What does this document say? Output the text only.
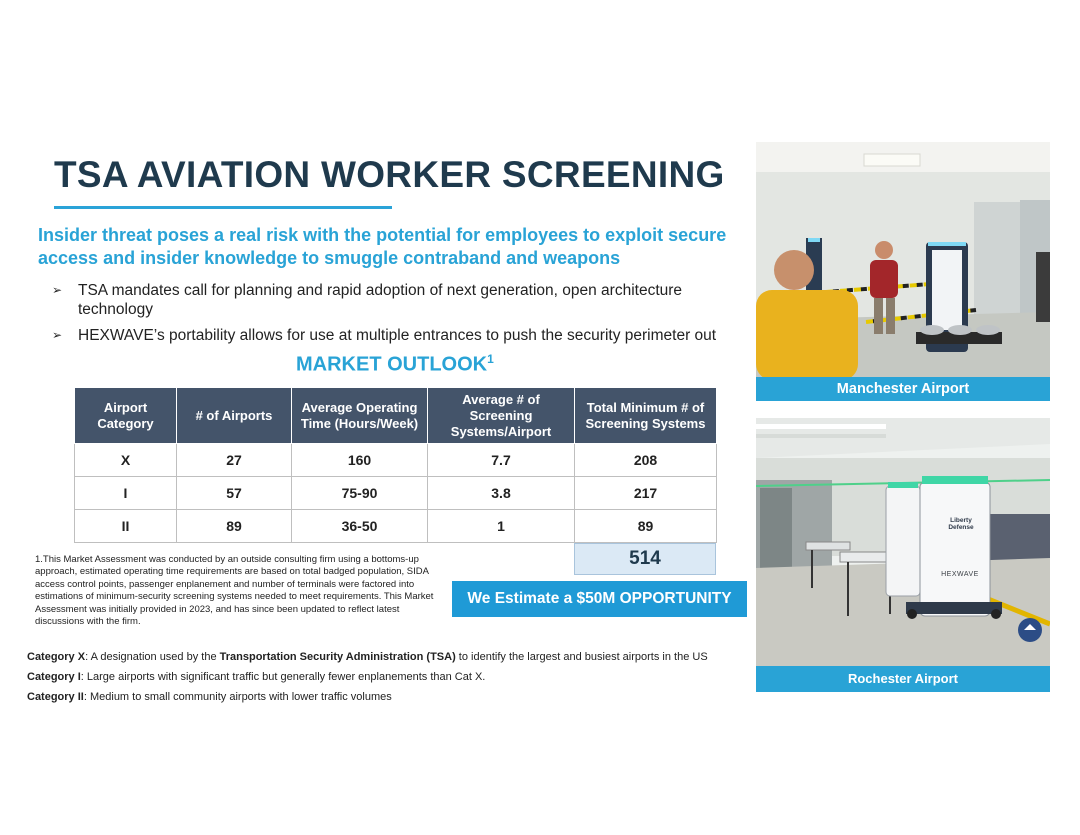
TSA AVIATION WORKER SCREENING
Insider threat poses a real risk with the potential for employees to exploit secure access and insider knowledge to smuggle contraband and weapons
➢ TSA mandates call for planning and rapid adoption of next generation, open architecture technology
➢ HEXWAVE’s portability allows for use at multiple entrances to push the security perimeter out
MARKET OUTLOOK$^1$
Airport Category	# of Airports	Average Operating Time (Hours/Week)	Average # of Screening Systems/Airport	Total Minimum # of Screening Systems
X	27	160	7.7	208
I	57	75-90	3.8	217
II	89	36-50	1	89
514
1.This Market Assessment was conducted by an outside consulting firm using a bottoms-up approach, estimated operating time requirements are based on total badged population, SIDA access control points, passenger enplanement and number of terminals were factored into estimations of minimum-security screening systems needed to meet requirements. This Market Assessment was initially provided in 2023, and has since been updated to reflect latest discussions with the firm.
We Estimate a $50M OPPORTUNITY

Category X: A designation used by the Transportation Security Administration (TSA) to identify the largest and busiest airports in the US

Category I: Large airports with significant traffic but generally fewer enplanements than Cat X.

Category II: Medium to small community airports with lower traffic volumes

Manchester Airport
Liberty Defense
HEXWAVE
Rochester Airport
